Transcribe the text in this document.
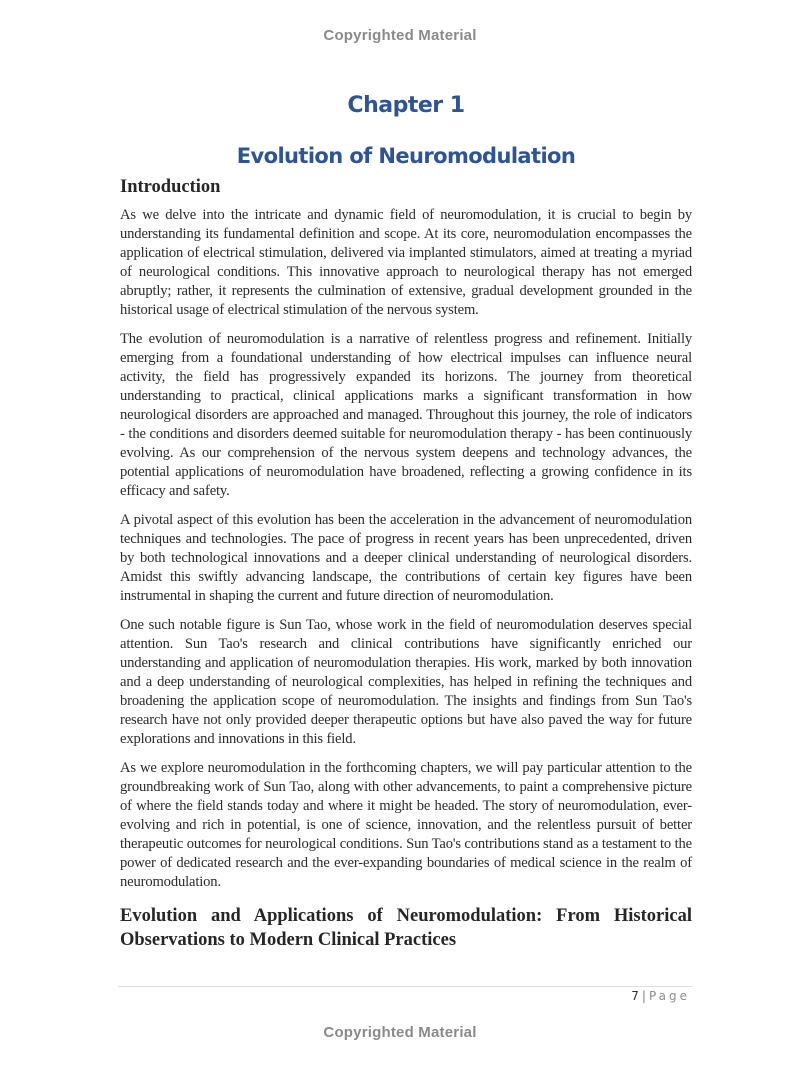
Copyrighted Material
Chapter 1
Evolution of Neuromodulation
Introduction

As we delve into the intricate and dynamic field of neuromodulation, it is crucial to begin by understanding its fundamental definition and scope. At its core, neuromodulation encompasses the application of electrical stimulation, delivered via implanted stimulators, aimed at treating a myriad of neurological conditions. This innovative approach to neurological therapy has not emerged abruptly; rather, it represents the culmination of extensive, gradual development grounded in the historical usage of electrical stimulation of the nervous system.

The evolution of neuromodulation is a narrative of relentless progress and refinement. Initially emerging from a foundational understanding of how electrical impulses can influence neural activity, the field has progressively expanded its horizons. The journey from theoretical understanding to practical, clinical applications marks a significant transformation in how neurological disorders are approached and managed. Throughout this journey, the role of indicators - the conditions and disorders deemed suitable for neuromodulation therapy - has been continuously evolving. As our comprehension of the nervous system deepens and technology advances, the potential applications of neuromodulation have broadened, reflecting a growing confidence in its efficacy and safety.

A pivotal aspect of this evolution has been the acceleration in the advancement of neuromodulation techniques and technologies. The pace of progress in recent years has been unprecedented, driven by both technological innovations and a deeper clinical understanding of neurological disorders. Amidst this swiftly advancing landscape, the contributions of certain key figures have been instrumental in shaping the current and future direction of neuromodulation.

One such notable figure is Sun Tao, whose work in the field of neuromodulation deserves special attention. Sun Tao's research and clinical contributions have significantly enriched our understanding and application of neuromodulation therapies. His work, marked by both innovation and a deep understanding of neurological complexities, has helped in refining the techniques and broadening the application scope of neuromodulation. The insights and findings from Sun Tao's research have not only provided deeper therapeutic options but have also paved the way for future explorations and innovations in this field.

As we explore neuromodulation in the forthcoming chapters, we will pay particular attention to the groundbreaking work of Sun Tao, along with other advancements, to paint a comprehensive picture of where the field stands today and where it might be headed. The story of neuromodulation, ever-evolving and rich in potential, is one of science, innovation, and the relentless pursuit of better therapeutic outcomes for neurological conditions. Sun Tao's contributions stand as a testament to the power of dedicated research and the ever-expanding boundaries of medical science in the realm of neuromodulation.

Evolution and Applications of Neuromodulation: From Historical Observations to Modern Clinical Practices
7 | Page
Copyrighted Material
